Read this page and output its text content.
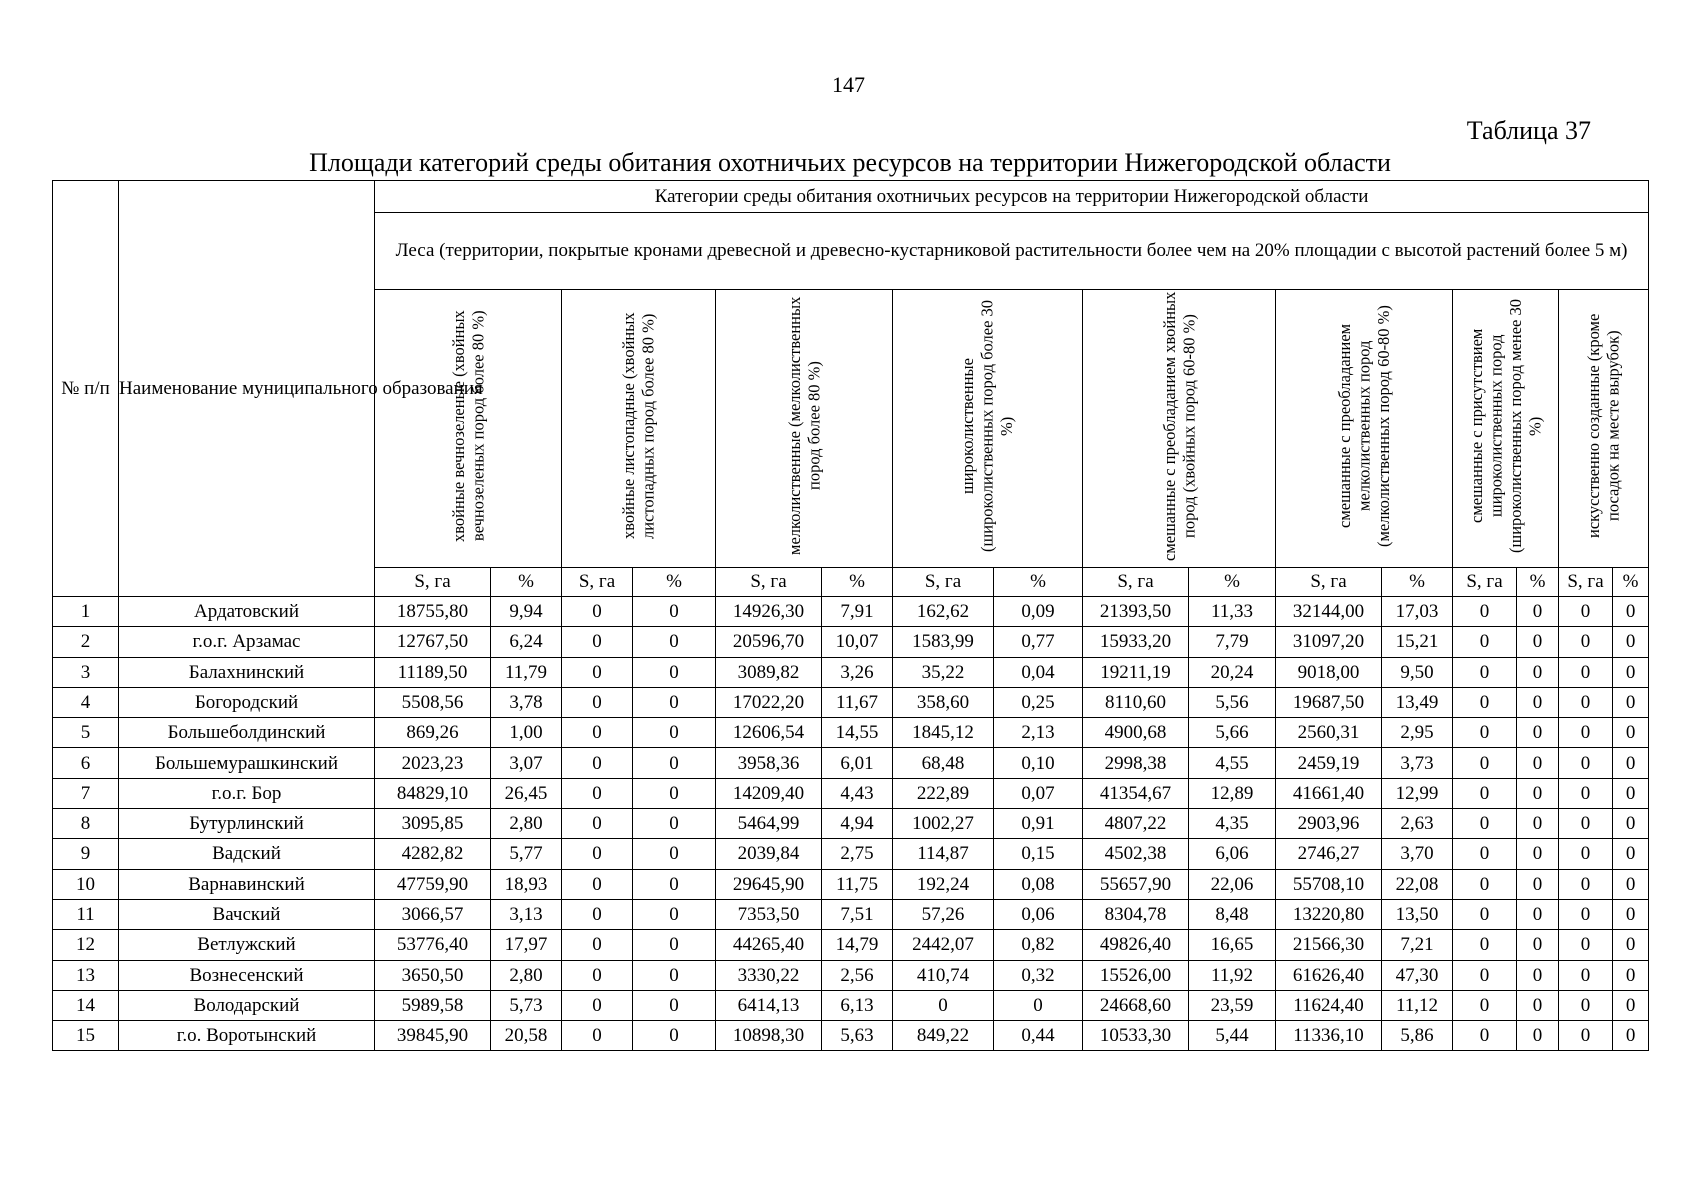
147
Таблица 37
Площади категорий среды обитания охотничьих ресурсов на территории Нижегородской области
№ п/п	Наименование муниципального образования	Категории среды обитания охотничьих ресурсов на территории Нижегородской области															
		Леса (территории, покрытые кронами древесной и древесно-кустарниковой растительности более чем на 20% площадии с высотой растений более 5 м)															
		хвойные вечнозеленые (хвойных вечнозеленых пород более 80 %)		хвойные листопадные (хвойных листопадных пород более 80 %)		мелколиственные (мелколиственных пород более 80 %)		широколиственные (широколиственных пород более 30 %)		смешанные с преобладанием хвойных пород (хвойных пород 60-80 %)		смешанные с преобладанием мелколиственных пород (мелколиственных пород 60-80 %)		смешанные с присутствием широколиственных пород (широколиственных пород менее 30 %)		искусственно созданные (кроме посадок на месте вырубок)	
		S, га	%	S, га	%	S, га	%	S, га	%	S, га	%	S, га	%	S, га	%	S, га	%
1	Ардатовский	18755,80	9,94	0	0	14926,30	7,91	162,62	0,09	21393,50	11,33	32144,00	17,03	0	0	0	0
2	г.о.г. Арзамас	12767,50	6,24	0	0	20596,70	10,07	1583,99	0,77	15933,20	7,79	31097,20	15,21	0	0	0	0
3	Балахнинский	11189,50	11,79	0	0	3089,82	3,26	35,22	0,04	19211,19	20,24	9018,00	9,50	0	0	0	0
4	Богородский	5508,56	3,78	0	0	17022,20	11,67	358,60	0,25	8110,60	5,56	19687,50	13,49	0	0	0	0
5	Большеболдинский	869,26	1,00	0	0	12606,54	14,55	1845,12	2,13	4900,68	5,66	2560,31	2,95	0	0	0	0
6	Большемурашкинский	2023,23	3,07	0	0	3958,36	6,01	68,48	0,10	2998,38	4,55	2459,19	3,73	0	0	0	0
7	г.о.г. Бор	84829,10	26,45	0	0	14209,40	4,43	222,89	0,07	41354,67	12,89	41661,40	12,99	0	0	0	0
8	Бутурлинский	3095,85	2,80	0	0	5464,99	4,94	1002,27	0,91	4807,22	4,35	2903,96	2,63	0	0	0	0
9	Вадский	4282,82	5,77	0	0	2039,84	2,75	114,87	0,15	4502,38	6,06	2746,27	3,70	0	0	0	0
10	Варнавинский	47759,90	18,93	0	0	29645,90	11,75	192,24	0,08	55657,90	22,06	55708,10	22,08	0	0	0	0
11	Вачский	3066,57	3,13	0	0	7353,50	7,51	57,26	0,06	8304,78	8,48	13220,80	13,50	0	0	0	0
12	Ветлужский	53776,40	17,97	0	0	44265,40	14,79	2442,07	0,82	49826,40	16,65	21566,30	7,21	0	0	0	0
13	Вознесенский	3650,50	2,80	0	0	3330,22	2,56	410,74	0,32	15526,00	11,92	61626,40	47,30	0	0	0	0
14	Володарский	5989,58	5,73	0	0	6414,13	6,13	0	0	24668,60	23,59	11624,40	11,12	0	0	0	0
15	г.о. Воротынский	39845,90	20,58	0	0	10898,30	5,63	849,22	0,44	10533,30	5,44	11336,10	5,86	0	0	0	0
